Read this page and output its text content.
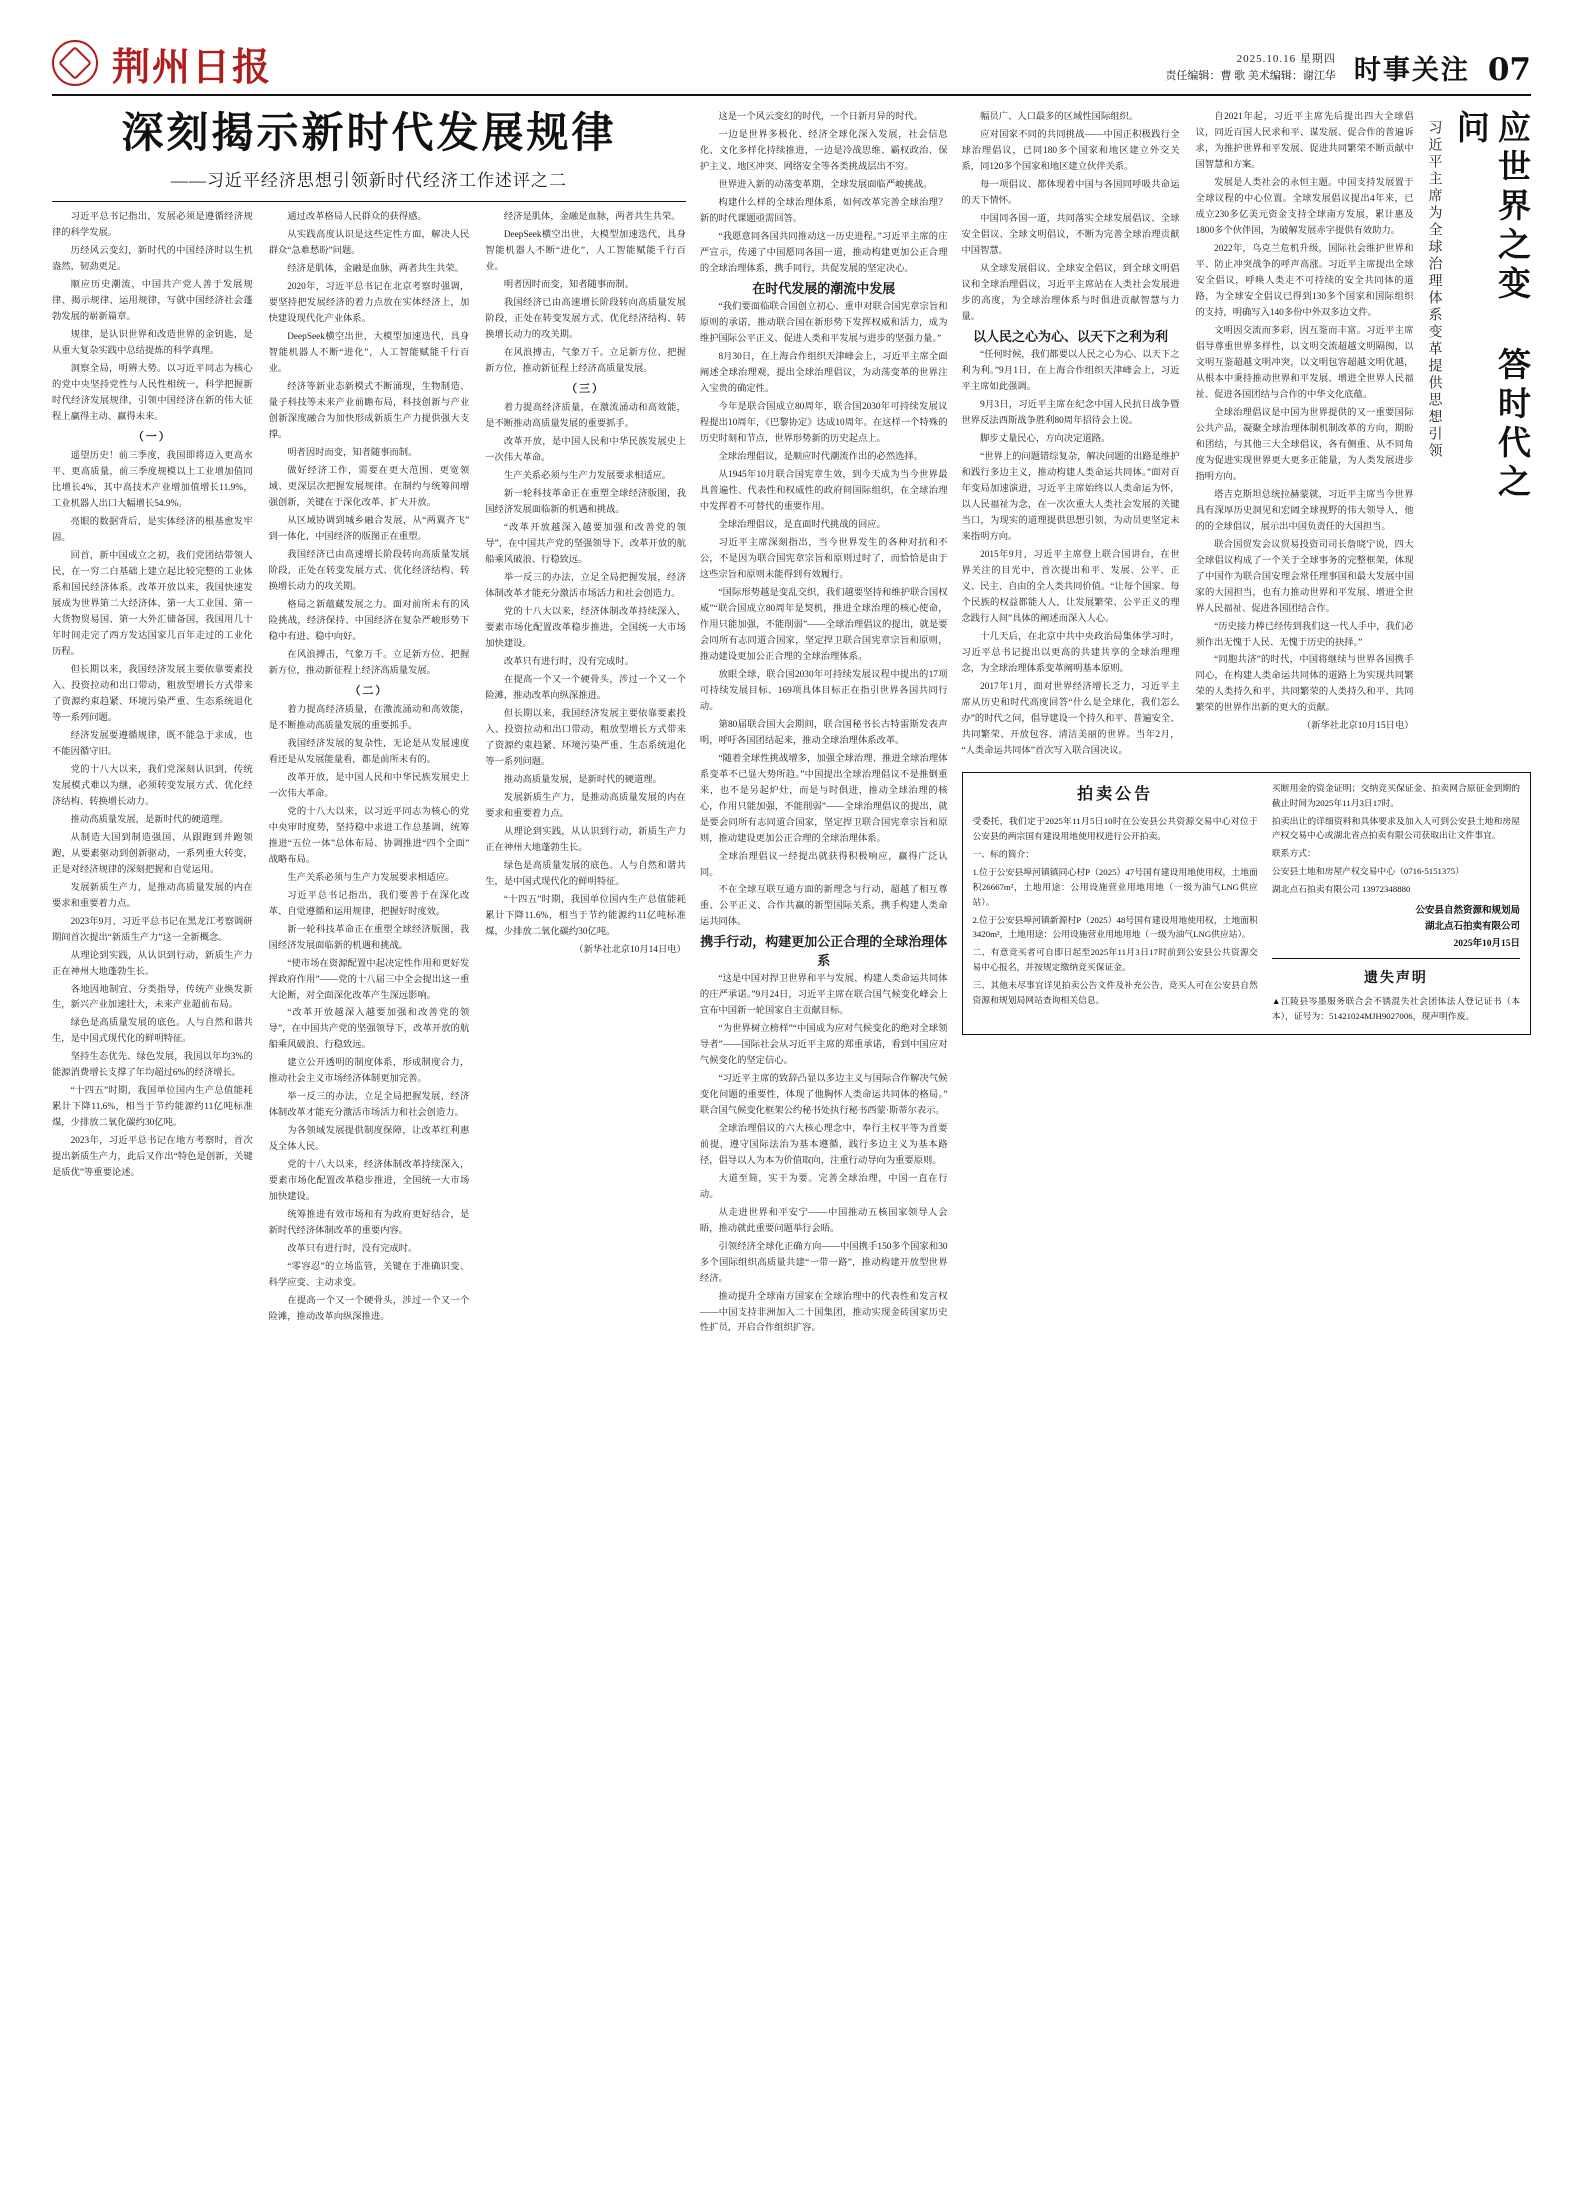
荆州日报	2025.10.16 星期四
责任编辑：曹 歌 美术编辑：谢江华 时事关注 07
深刻揭示新时代发展规律
——习近平经济思想引领新时代经济工作述评之二

习近平总书记指出，发展必须是遵循经济规律的科学发展。

历经风云变幻，新时代的中国经济时以生机盎然，韧劲更足。

顺应历史潮流，中国共产党人善于发展规律、揭示规律、运用规律，写就中国经济社会蓬勃发展的崭新篇章。

规律，是认识世界和改造世界的金钥匙，是从重大复杂实践中总结提炼的科学真理。

洞察全局，明辨大势。以习近平同志为核心的党中央坚持党性与人民性相统一，科学把握新时代经济发展规律，引领中国经济在新的伟大征程上赢得主动、赢得未来。

（一）

遥望历史！前三季度，我国即将迈入更高水平、更高质量，前三季度规模以上工业增加值同比增长4%，其中高技术产业增加值增长11.9%，工业机器人出口大幅增长54.9%。

亮眼的数据背后，是实体经济的根基愈发牢固。

回首，新中国成立之初，我们党团结带领人民，在一穷二白基础上建立起比较完整的工业体系和国民经济体系。改革开放以来，我国快速发展成为世界第二大经济体、第一大工业国、第一大货物贸易国、第一大外汇储备国，我国用几十年时间走完了西方发达国家几百年走过的工业化历程。

但长期以来，我国经济发展主要依靠要素投入、投资拉动和出口带动，粗放型增长方式带来了资源约束趋紧、环境污染严重、生态系统退化等一系列问题。

经济发展要遵循规律，既不能急于求成，也不能因循守旧。

党的十八大以来，我们党深刻认识到，传统发展模式难以为继，必须转变发展方式、优化经济结构、转换增长动力。

推动高质量发展，是新时代的硬道理。

从制造大国到制造强国，从跟跑到并跑领跑，从要素驱动到创新驱动，一系列重大转变，正是对经济规律的深刻把握和自觉运用。

发展新质生产力，是推动高质量发展的内在要求和重要着力点。

2023年9月，习近平总书记在黑龙江考察调研期间首次提出“新质生产力”这一全新概念。

从理论到实践，从认识到行动，新质生产力正在神州大地蓬勃生长。

各地因地制宜、分类指导，传统产业焕发新生，新兴产业加速壮大，未来产业超前布局。

绿色是高质量发展的底色。人与自然和谐共生，是中国式现代化的鲜明特征。

坚持生态优先、绿色发展，我国以年均3%的能源消费增长支撑了年均超过6%的经济增长。

“十四五”时期，我国单位国内生产总值能耗累计下降11.6%，相当于节约能源约11亿吨标准煤，少排放二氧化碳约30亿吨。

2023年，习近平总书记在地方考察时，首次提出新质生产力，此后又作出“特色是创新，关键是质优”等重要论述。

通过改革格局人民群众的获得感。

从实践高度认识是这些定性方面，解决人民群众“急难愁盼”问题。

经济是肌体，金融是血脉，两者共生共荣。

2020年，习近平总书记在北京考察时强调，要坚持把发展经济的着力点放在实体经济上，加快建设现代化产业体系。

DeepSeek横空出世，大模型加速迭代，具身智能机器人不断“进化”，人工智能赋能千行百业。

经济等新业态新模式不断涌现，生物制造、量子科技等未来产业前瞻布局，科技创新与产业创新深度融合为加快形成新质生产力提供强大支撑。

明者因时而变，知者随事而制。

做好经济工作，需要在更大范围、更宽领域、更深层次把握发展规律。在制约与统筹间增强创新，关键在于深化改革、扩大开放。

从区域协调到城乡融合发展，从“两翼齐飞”到一体化，中国经济的版图正在重塑。

我国经济已由高速增长阶段转向高质量发展阶段，正处在转变发展方式、优化经济结构、转换增长动力的攻关期。

格局之新蕴藏发展之力。面对前所未有的风险挑战，经济保持、中国经济在复杂严峻形势下稳中有进、稳中向好。

在风浪搏击，气象万千。立足新方位、把握新方位，推动新征程上经济高质量发展。

（二）

着力提高经济质量，在激流涌动和高效能，是不断推动高质量发展的重要抓手。

我国经济发展的复杂性，无论是从发展速度看还是从发展能量看，都是前所未有的。

改革开放，是中国人民和中华民族发展史上一次伟大革命。

党的十八大以来，以习近平同志为核心的党中央审时度势，坚持稳中求进工作总基调，统筹推进“五位一体”总体布局、协调推进“四个全面”战略布局。

生产关系必须与生产力发展要求相适应。

习近平总书记指出，我们要善于在深化改革、自觉遵循和运用规律，把握好时度效。

新一轮科技革命正在重塑全球经济版图，我国经济发展面临新的机遇和挑战。

“使市场在资源配置中起决定性作用和更好发挥政府作用”——党的十八届三中全会提出这一重大论断，对全面深化改革产生深远影响。

“改革开放越深入越要加强和改善党的领导”，在中国共产党的坚强领导下，改革开放的航船乘风破浪、行稳致远。

建立公开透明的制度体系，形成制度合力，推动社会主义市场经济体制更加完善。

举一反三的办法，立足全局把握发展，经济体制改革才能充分激活市场活力和社会创造力。

为各领域发展提供制度保障，让改革红利惠及全体人民。

党的十八大以来，经济体制改革持续深入，要素市场化配置改革稳步推进，全国统一大市场加快建设。

统筹推进有效市场和有为政府更好结合，是新时代经济体制改革的重要内容。

改革只有进行时，没有完成时。

“零容忍”的立场监管，关键在于准确识变、科学应变、主动求变。

在提高一个又一个硬骨头，涉过一个又一个险滩，推动改革向纵深推进。

经济是肌体，金融是血脉，两者共生共荣。

DeepSeek横空出世，大模型加速迭代，具身智能机器人不断“进化”，人工智能赋能千行百业。

明者因时而变，知者随事而制。

我国经济已由高速增长阶段转向高质量发展阶段，正处在转变发展方式、优化经济结构、转换增长动力的攻关期。

在风浪搏击，气象万千。立足新方位、把握新方位，推动新征程上经济高质量发展。

（三）

着力提高经济质量，在激流涌动和高效能，是不断推动高质量发展的重要抓手。

改革开放，是中国人民和中华民族发展史上一次伟大革命。

生产关系必须与生产力发展要求相适应。

新一轮科技革命正在重塑全球经济版图，我国经济发展面临新的机遇和挑战。

“改革开放越深入越要加强和改善党的领导”，在中国共产党的坚强领导下，改革开放的航船乘风破浪、行稳致远。

举一反三的办法，立足全局把握发展，经济体制改革才能充分激活市场活力和社会创造力。

党的十八大以来，经济体制改革持续深入，要素市场化配置改革稳步推进，全国统一大市场加快建设。

改革只有进行时，没有完成时。

在提高一个又一个硬骨头，涉过一个又一个险滩，推动改革向纵深推进。

但长期以来，我国经济发展主要依靠要素投入、投资拉动和出口带动，粗放型增长方式带来了资源约束趋紧、环境污染严重、生态系统退化等一系列问题。

推动高质量发展，是新时代的硬道理。

发展新质生产力，是推动高质量发展的内在要求和重要着力点。

从理论到实践，从认识到行动，新质生产力正在神州大地蓬勃生长。

绿色是高质量发展的底色。人与自然和谐共生，是中国式现代化的鲜明特征。

“十四五”时期，我国单位国内生产总值能耗累计下降11.6%，相当于节约能源约11亿吨标准煤，少排放二氧化碳约30亿吨。

（新华社北京10月14日电）

这是一个风云变幻的时代，一个日新月异的时代。

一边是世界多极化、经济全球化深入发展，社会信息化、文化多样化持续推进，一边是冷战思维、霸权政治、保护主义、地区冲突、网络安全等各类挑战层出不穷。

世界进入新的动荡变革期，全球发展面临严峻挑战。

构建什么样的全球治理体系，如何改革完善全球治理？新的时代课题亟需回答。

“我愿意同各国共同推动这一历史进程。”习近平主席的庄严宣示，传递了中国愿同各国一道，推动构建更加公正合理的全球治理体系，携手同行，共促发展的坚定决心。

在时代发展的潮流中发展

“我们要面临联合国创立初心、重申对联合国宪章宗旨和原则的承诺，推动联合国在新形势下发挥权威和活力，成为维护国际公平正义、促进人类和平发展与进步的坚强力量。”

8月30日，在上海合作组织天津峰会上，习近平主席全面阐述全球治理观，提出全球治理倡议，为动荡变革的世界注入宝贵的确定性。

今年是联合国成立80周年，联合国2030年可持续发展议程提出10周年，《巴黎协定》达成10周年。在这样一个特殊的历史时刻和节点，世界形势新的历史起点上。

全球治理倡议，是顺应时代潮流作出的必然选择。

从1945年10月联合国宪章生效，到今天成为当今世界最具普遍性、代表性和权威性的政府间国际组织，在全球治理中发挥着不可替代的重要作用。

全球治理倡议，是直面时代挑战的回应。

习近平主席深刻指出，当今世界发生的各种对抗和不公，不是因为联合国宪章宗旨和原则过时了，而恰恰是由于这些宗旨和原则未能得到有效履行。

“国际形势越是变乱交织，我们越要坚持和维护联合国权威”“联合国成立80周年是契机，推进全球治理的核心使命，作用只能加强，不能削弱”——全球治理倡议的提出，就是要会同所有志同道合国家，坚定捍卫联合国宪章宗旨和原则，推动建设更加公正合理的全球治理体系。

放眼全球，联合国2030年可持续发展议程中提出的17项可持续发展目标、169项具体目标正在指引世界各国共同行动。

第80届联合国大会期间，联合国秘书长古特雷斯发表声明，呼吁各国团结起来，推动全球治理体系改革。

“随着全球性挑战增多，加强全球治理、推进全球治理体系变革不已显大势所趋。”中国提出全球治理倡议不是推倒重来，也不是另起炉灶，而是与时俱进，推动全球治理的核心，作用只能加强，不能削弱”——全球治理倡议的提出，就是要会同所有志同道合国家，坚定捍卫联合国宪章宗旨和原则，推动建设更加公正合理的全球治理体系。

全球治理倡议一经提出就获得积极响应，赢得广泛认同。

不在全球互联互通方面的新理念与行动，超越了相互尊重、公平正义、合作共赢的新型国际关系，携手构建人类命运共同体。

携手行动，构建更加公正合理的全球治理体系

“这是中国对捍卫世界和平与发展、构建人类命运共同体的庄严承诺。”9月24日，习近平主席在联合国气候变化峰会上宣布中国新一轮国家自主贡献目标。

“为世界树立榜样”“中国成为应对气候变化的绝对全球领导者”——国际社会从习近平主席的郑重承诺，看到中国应对气候变化的坚定信心。

“习近平主席的致辞凸显以多边主义与国际合作解决气候变化问题的重要性，体现了他胸怀人类命运共同体的格局。”联合国气候变化框架公约秘书处执行秘书西蒙·斯蒂尔表示。

全球治理倡议的六大核心理念中，奉行主权平等为首要前提，遵守国际法治为基本遵循，践行多边主义为基本路径，倡导以人为本为价值取向，注重行动导向为重要原则。

大道至简，实干为要。完善全球治理，中国一直在行动。

从走进世界和平安宁——中国推动五核国家领导人会晤，推动就此重要问题举行会晤。

引领经济全球化正确方向——中国携手150多个国家和30多个国际组织高质量共建“一带一路”，推动构建开放型世界经济。

推动提升全球南方国家在全球治理中的代表性和发言权——中国支持非洲加入二十国集团，推动实现金砖国家历史性扩员，开启合作组织扩容。

应世界之变 答时代之问
习近平主席为全球治理体系变革提供思想引领

幅员广、人口最多的区域性国际组织。

应对国家不同的共同挑战——中国正积极践行全球治理倡议，已同180多个国家和地区建立外交关系，同120多个国家和地区建立伙伴关系。

每一项倡议、都体现着中国与各国同呼吸共命运的天下情怀。

中国同各国一道，共同落实全球发展倡议、全球安全倡议、全球文明倡议，不断为完善全球治理贡献中国智慧。

从全球发展倡议、全球安全倡议，到全球文明倡议和全球治理倡议，习近平主席站在人类社会发展进步的高度，为全球治理体系与时俱进贡献智慧与力量。

以人民之心为心、以天下之利为利

“任何时候，我们都要以人民之心为心、以天下之利为利。”9月1日，在上海合作组织天津峰会上，习近平主席如此强调。

9月3日，习近平主席在纪念中国人民抗日战争暨世界反法西斯战争胜利80周年招待会上说。

脚步丈量民心，方向决定道路。

“世界上的问题错综复杂，解决问题的出路是维护和践行多边主义，推动构建人类命运共同体。”面对百年变局加速演进，习近平主席始终以人类命运为怀，以人民福祉为念，在一次次重大人类社会发展的关键当口，为现实的道理提供思想引领，为动员更坚定未来指明方向。

2015年9月，习近平主席登上联合国讲台，在世界关注的目光中，首次提出和平、发展、公平、正义、民主、自由的全人类共同价值。“让每个国家、每个民族的权益都能人人，让发展繁荣、公平正义的理念践行人间”具体的阐述而深入人心。

十几天后，在北京中共中央政治局集体学习时，习近平总书记提出以更高的共建共享的全球治理理念，为全球治理体系变革阐明基本原则。

2017年1月，面对世界经济增长乏力，习近平主席从历史和时代高度回答“什么是全球化，我们怎么办”的时代之问，倡导建设一个持久和平、普遍安全、共同繁荣、开放包容、清洁美丽的世界。当年2月，“人类命运共同体”首次写入联合国决议。

自2021年起，习近平主席先后提出四大全球倡议，同近百国人民求和平、谋发展、促合作的普遍诉求，为推护世界和平发展、促进共同繁荣不断贡献中国智慧和方案。

发展是人类社会的永恒主题。中国支持发展置于全球议程的中心位置。全球发展倡议提出4年来，已成立230多亿美元资金支持全球南方发展，累计惠及1800多个伙伴国，为破解发展赤字提供有效助力。

2022年，乌克兰危机升级，国际社会维护世界和平、防止冲突战争的呼声高涨。习近平主席提出全球安全倡议，呼唤人类走不可持续的安全共同体的道路，为全球安全倡议已得到130多个国家和国际组织的支持，明确写入140多份中外双多边文件。

文明因交流而多彩，因互鉴而丰富。习近平主席倡导尊重世界多样性，以文明交流超越文明隔阂，以文明互鉴超越文明冲突，以文明包容超越文明优越，从根本中秉持推动世界和平发展、增进全世界人民福祉、促进各国团结与合作的中华文化底蕴。

全球治理倡议是中国为世界提供的又一重要国际公共产品，凝聚全球治理体制机制改革的方向，期盼和团结，与其他三大全球倡议，各有侧重、从不同角度为促进实现世界更大更多正能量，为人类发展进步指明方向。

塔吉克斯坦总统拉赫蒙就，习近平主席当今世界具有深厚历史洞见和宏阔全球视野的伟大领导人，他的的全球倡议，展示出中国负责任的大国担当。

联合国贸发会议贸易投资司司长詹晓宁说，四大全球倡议构成了一个关于全球事务的完整框架，体现了中国作为联合国安理会常任理事国和最大发展中国家的大国担当，也有力推动世界和平发展、增进全世界人民福祉、促进各国团结合作。

“历史接力棒已经传到我们这一代人手中，我们必须作出无愧于人民、无愧于历史的抉择。”

“同胞共济”的时代，中国将继续与世界各国携手同心，在构建人类命运共同体的道路上为实现共同繁荣的人类持久和平、共同繁荣的人类持久和平、共同繁荣的世界作出新的更大的贡献。

（新华社北京10月15日电）

拍卖公告

受委托，我们定于2025年11月5日10时在公安县公共资源交易中心对位于公安县的两宗国有建设用地使用权进行公开拍卖。

一、标的简介：

1.位于公安县埠河镇镇同心村P（2025）47号国有建设用地使用权，土地面积26667m²，土地用途：公用设施营业用地用地（一级为油气LNG供应站）。

2.位于公安县埠河镇新源村P（2025）48号国有建设用地使用权，土地面积3420m²，土地用途：公用设施营业用地用地（一级为油气LNG供应站）。

二、有意竞买者可自即日起至2025年11月3日17时前到公安县公共资源交易中心报名，并按规定缴纳竞买保证金。

三、其他未尽事宜详见拍卖公告文件及补充公告，竞买人可在公安县自然资源和规划局网站查询相关信息。

买断用金的资金证明；交纳竞买保证金、拍卖网合原征金到期的截止时间为2025年11月3日17时。

拍卖出让的详细资料和具体要求及加入人可到公安县土地和房屋产权交易中心或湖北省点拍卖有限公司获取出让文件事宜。

联系方式：

公安县土地和房屋产权交易中心（0716-5151375）

湖北点石拍卖有限公司 13972348880

公安县自然资源和规划局
湖北点石拍卖有限公司
2025年10月15日
遗失声明
▲江陵县岑墨服务联合会不锈混失社会团体法人登记证书（本本），证号为：51421024MJH9027006，现声明作废。
